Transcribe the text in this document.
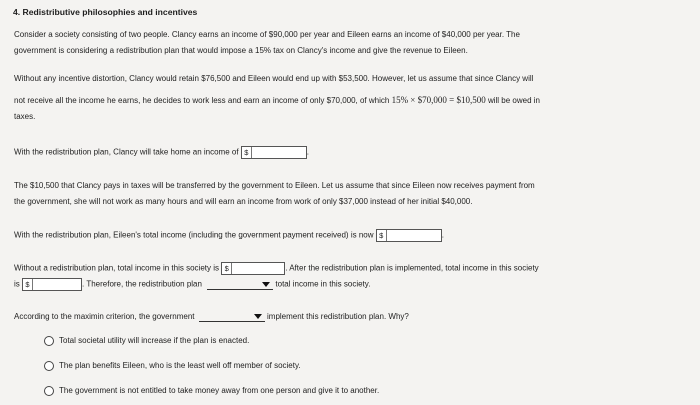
4. Redistributive philosophies and incentives
Consider a society consisting of two people. Clancy earns an income of $90,000 per year and Eileen earns an income of $40,000 per year. The
government is considering a redistribution plan that would impose a 15% tax on Clancy's income and give the revenue to Eileen.
Without any incentive distortion, Clancy would retain $76,500 and Eileen would end up with $53,500. However, let us assume that since Clancy will
not receive all the income he earns, he decides to work less and earn an income of only $70,000, of which 15% × $70,000 = $10,500 will be owed in
taxes.
With the redistribution plan, Clancy will take home an income of $	.
The $10,500 that Clancy pays in taxes will be transferred by the government to Eileen. Let us assume that since Eileen now receives payment from
the government, she will not work as many hours and will earn an income from work of only $37,000 instead of her initial $40,000.
With the redistribution plan, Eileen's total income (including the government payment received) is now $	.
Without a redistribution plan, total income in this society is $	. After the redistribution plan is implemented, total income in this society
is $	. Therefore, the redistribution plan	total income in this society.
According to the maximin criterion, the government	implement this redistribution plan. Why?
Total societal utility will increase if the plan is enacted.
The plan benefits Eileen, who is the least well off member of society.
The government is not entitled to take money away from one person and give it to another.
